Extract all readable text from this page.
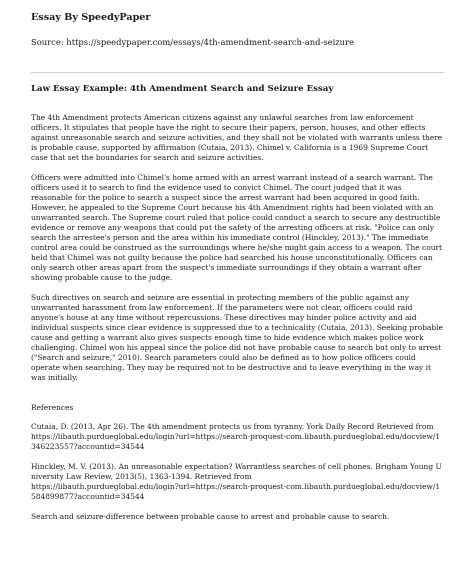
Essay By SpeedyPaper
Source: https://speedypaper.com/essays/4th-amendment-search-and-seizure
Law Essay Example: 4th Amendment Search and Seizure Essay

The 4th Amendment protects American citizens against any unlawful searches from law enforcement officers. It stipulates that people have the right to secure their papers, person, houses, and other effects against unreasonable search and seizure activities, and they shall not be violated with warrants unless there is probable cause, supported by affirmation (Cutaia, 2013). Chimel v. California is a 1969 Supreme Court case that set the boundaries for search and seizure activities.

Officers were admitted into Chimel's home armed with an arrest warrant instead of a search warrant. The officers used it to search to find the evidence used to convict Chimel. The court judged that it was reasonable for the police to search a suspect since the arrest warrant had been acquired in good faith. However, he appealed to the Supreme Court because his 4th Amendment rights had been violated with an unwarranted search. The Supreme court ruled that police could conduct a search to secure any destructible evidence or remove any weapons that could put the safety of the arresting officers at risk. "Police can only search the arrestee's person and the area within his immediate control (Hinckley, 2013)." The immediate control area could be construed as the surroundings where he/she might gain access to a weapon. The court held that Chimel was not guilty because the police had searched his house unconstitutionally. Officers can only search other areas apart from the suspect's immediate surroundings if they obtain a warrant after showing probable cause to the judge.

Such directives on search and seizure are essential in protecting members of the public against any unwarranted harassment from law enforcement. If the parameters were not clear, officers could raid anyone's house at any time without repercussions. These directives may hinder police activity and aid individual suspects since clear evidence is suppressed due to a technicality (Cutaia, 2013). Seeking probable cause and getting a warrant also gives suspects enough time to hide evidence which makes police work challenging. Chimel won his appeal since the police did not have probable cause to search but only to arrest ("Search and seizure," 2010). Search parameters could also be defined as to how police officers could operate when searching. They may be required not to be destructive and to leave everything in the way it was initially.

References

Cutaia, D. (2013, Apr 26). The 4th amendment protects us from tyranny. York Daily Record Retrieved from
https://libauth.purdueglobal.edu/login?url=https://search-proquest-com.libauth.purdueglobal.edu/docview/1346223557?accountid=34544
Hinckley, M. V. (2013). An unreasonable expectation? Warrantless searches of cell phones. Brigham Young University Law Review, 2013(5), 1363-1394. Retrieved from
https://libauth.purdueglobal.edu/login?url=https://search-proquest-com.libauth.purdueglobal.edu/docview/1584899877?accountid=34544

Search and seizure-difference between probable cause to arrest and probable cause to search.
